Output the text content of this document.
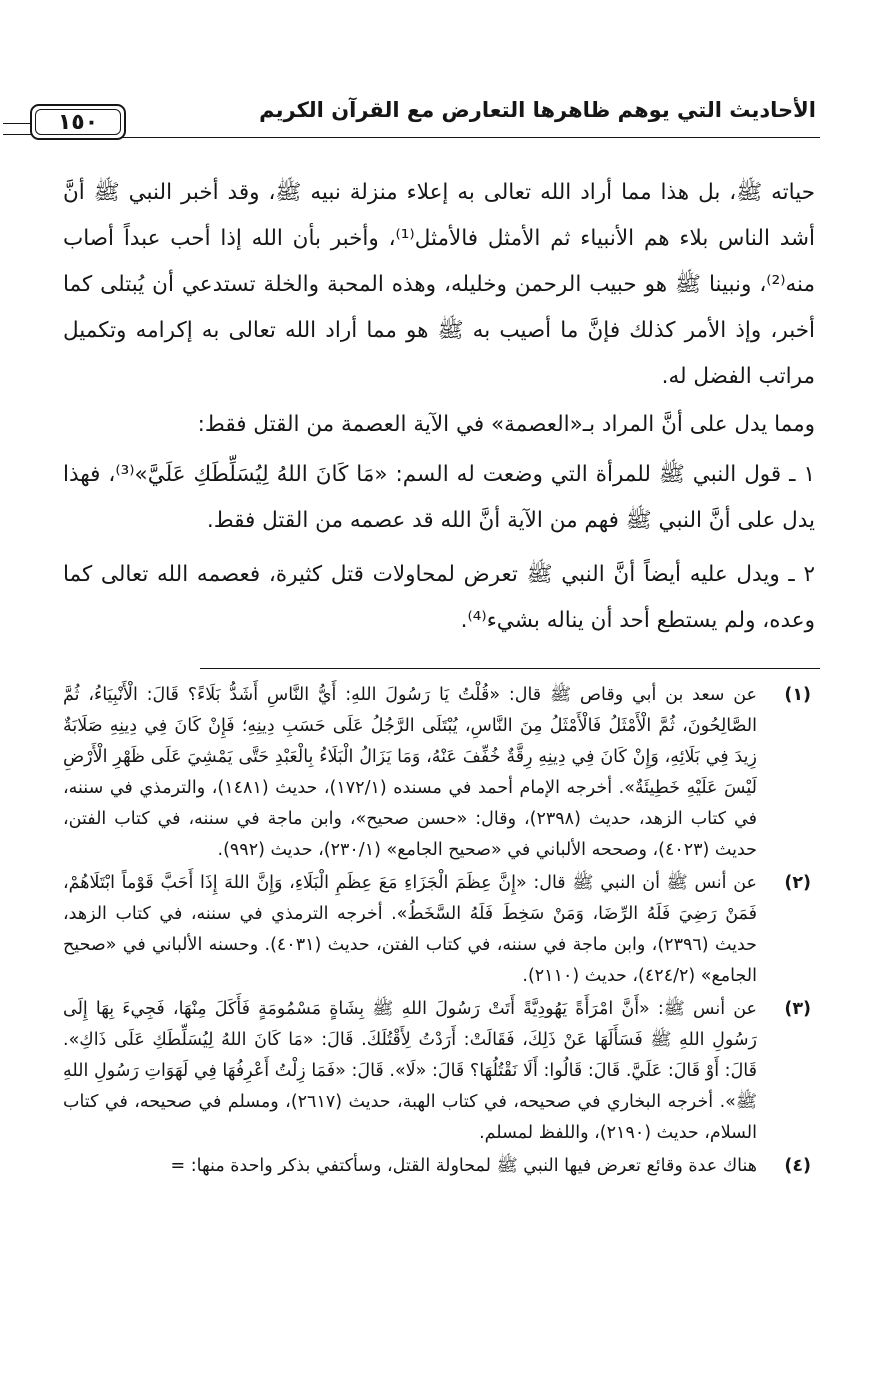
١٥٠	الأحاديث التي يوهم ظاهرها التعارض مع القرآن الكريم

حياته ﷺ، بل هذا مما أراد الله تعالى به إعلاء منزلة نبيه ﷺ، وقد أخبر النبي ﷺ أنَّ أشد الناس بلاء هم الأنبياء ثم الأمثل فالأمثل⁽¹⁾، وأخبر بأن الله إذا أحب عبداً أصاب منه⁽²⁾، ونبينا ﷺ هو حبيب الرحمن وخليله، وهذه المحبة والخلة تستدعي أن يُبتلى كما أخبر، وإذ الأمر كذلك فإنَّ ما أصيب به ﷺ هو مما أراد الله تعالى به إكرامه وتكميل مراتب الفضل له.

ومما يدل على أنَّ المراد بـ«العصمة» في الآية العصمة من القتل فقط:

١ ـ قول النبي ﷺ للمرأة التي وضعت له السم: «مَا كَانَ اللهُ لِيُسَلِّطَكِ عَلَيَّ»⁽³⁾، فهذا يدل على أنَّ النبي ﷺ فهم من الآية أنَّ الله قد عصمه من القتل فقط.

٢ ـ ويدل عليه أيضاً أنَّ النبي ﷺ تعرض لمحاولات قتل كثيرة، فعصمه الله تعالى كما وعده، ولم يستطع أحد أن يناله بشيء⁽⁴⁾.

(١)

عن سعد بن أبي وقاص ﷺ قال: «قُلْتُ يَا رَسُولَ اللهِ: أَيُّ النَّاسِ أَشَدُّ بَلَاءً؟ قَالَ: الْأَنْبِيَاءُ، ثُمَّ الصَّالِحُونَ، ثُمَّ الْأَمْثَلُ فَالْأَمْثَلُ مِنَ النَّاسِ، يُبْتَلَى الرَّجُلُ عَلَى حَسَبِ دِينِهِ؛ فَإِنْ كَانَ فِي دِينِهِ صَلَابَةٌ زِيدَ فِي بَلَائِهِ، وَإِنْ كَانَ فِي دِينِهِ رِقَّةٌ خُفِّفَ عَنْهُ، وَمَا يَزَالُ الْبَلَاءُ بِالْعَبْدِ حَتَّى يَمْشِيَ عَلَى ظَهْرِ الْأَرْضِ لَيْسَ عَلَيْهِ خَطِيئَةٌ». أخرجه الإمام أحمد في مسنده (١٧٢/١)، حديث (١٤٨١)، والترمذي في سننه، في كتاب الزهد، حديث (٢٣٩٨)، وقال: «حسن صحيح»، وابن ماجة في سننه، في كتاب الفتن، حديث (٤٠٢٣)، وصححه الألباني في «صحيح الجامع» (٢٣٠/١)، حديث (٩٩٢).

(٢)

عن أنس ﷺ أن النبي ﷺ قال: «إِنَّ عِظَمَ الْجَزَاءِ مَعَ عِظَمِ الْبَلَاءِ، وَإِنَّ اللهَ إِذَا أَحَبَّ قَوْماً ابْتَلَاهُمْ، فَمَنْ رَضِيَ فَلَهُ الرِّضَا، وَمَنْ سَخِطَ فَلَهُ السَّخَطُ». أخرجه الترمذي في سننه، في كتاب الزهد، حديث (٢٣٩٦)، وابن ماجة في سننه، في كتاب الفتن، حديث (٤٠٣١). وحسنه الألباني في «صحيح الجامع» (٤٢٤/٢)، حديث (٢١١٠).

(٣)

عن أنس ﷺ: «أَنَّ امْرَأَةً يَهُودِيَّةً أَتَتْ رَسُولَ اللهِ ﷺ بِشَاةٍ مَسْمُومَةٍ فَأَكَلَ مِنْهَا، فَجِيءَ بِهَا إِلَى رَسُولِ اللهِ ﷺ فَسَأَلَهَا عَنْ ذَلِكَ، فَقَالَتْ: أَرَدْتُ لِأَقْتُلَكَ. قَالَ: «مَا كَانَ اللهُ لِيُسَلِّطَكِ عَلَى ذَاكِ». قَالَ: أَوْ قَالَ: عَلَيَّ. قَالَ: قَالُوا: أَلَا نَقْتُلُهَا؟ قَالَ: «لَا». قَالَ: «فَمَا زِلْتُ أَعْرِفُهَا فِي لَهَوَاتِ رَسُولِ اللهِ ﷺ». أخرجه البخاري في صحيحه، في كتاب الهبة، حديث (٢٦١٧)، ومسلم في صحيحه، في كتاب السلام، حديث (٢١٩٠)، واللفظ لمسلم.

(٤)

هناك عدة وقائع تعرض فيها النبي ﷺ لمحاولة القتل، وسأكتفي بذكر واحدة منها: =
